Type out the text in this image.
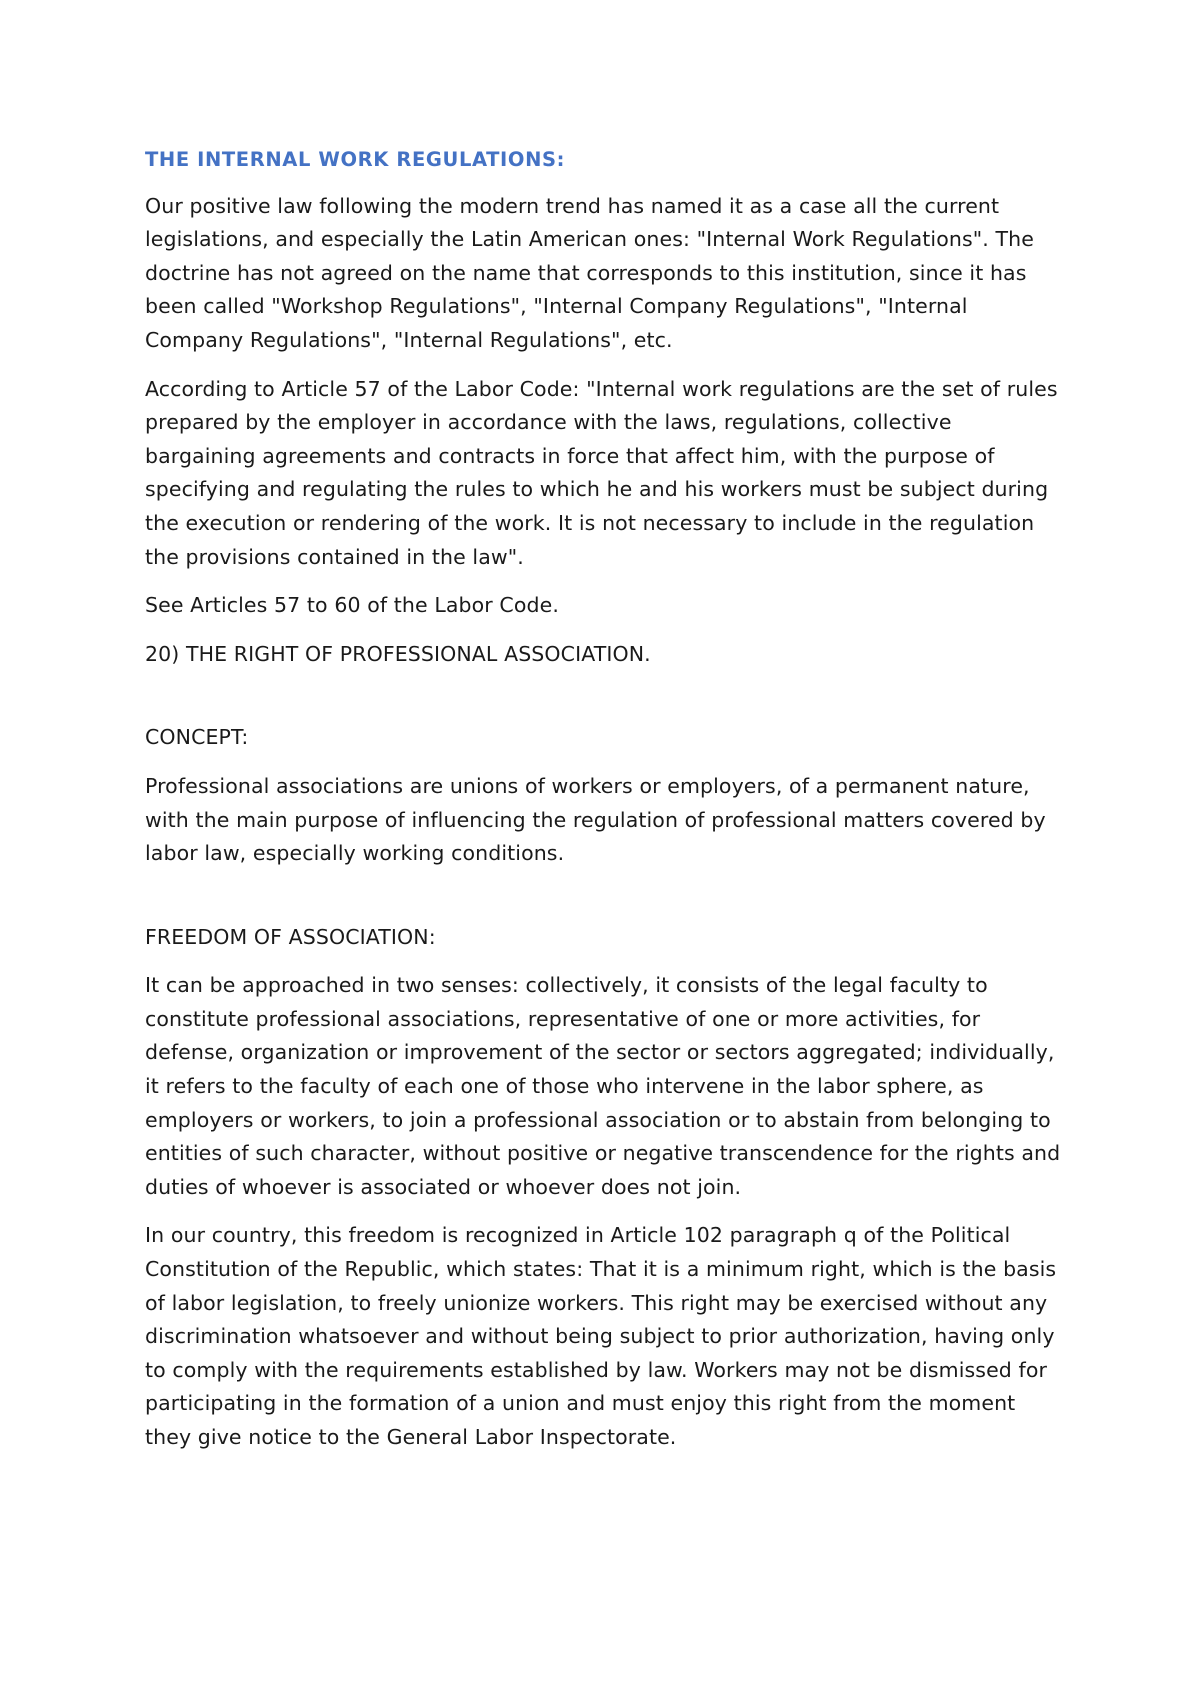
THE INTERNAL WORK REGULATIONS:

Our positive law following the modern trend has named it as a case all the current legislations, and especially the Latin American ones: "Internal Work Regulations". The doctrine has not agreed on the name that corresponds to this institution, since it has been called "Workshop Regulations", "Internal Company Regulations", "Internal Company Regulations", "Internal Regulations", etc.

According to Article 57 of the Labor Code: "Internal work regulations are the set of rules prepared by the employer in accordance with the laws, regulations, collective bargaining agreements and contracts in force that affect him, with the purpose of specifying and regulating the rules to which he and his workers must be subject during the execution or rendering of the work. It is not necessary to include in the regulation the provisions contained in the law".

See Articles 57 to 60 of the Labor Code.

20) THE RIGHT OF PROFESSIONAL ASSOCIATION.

CONCEPT:

Professional associations are unions of workers or employers, of a permanent nature, with the main purpose of influencing the regulation of professional matters covered by labor law, especially working conditions.

FREEDOM OF ASSOCIATION:

It can be approached in two senses: collectively, it consists of the legal faculty to constitute professional associations, representative of one or more activities, for defense, organization or improvement of the sector or sectors aggregated; individually, it refers to the faculty of each one of those who intervene in the labor sphere, as employers or workers, to join a professional association or to abstain from belonging to entities of such character, without positive or negative transcendence for the rights and duties of whoever is associated or whoever does not join.

In our country, this freedom is recognized in Article 102 paragraph q of the Political Constitution of the Republic, which states: That it is a minimum right, which is the basis of labor legislation, to freely unionize workers. This right may be exercised without any discrimination whatsoever and without being subject to prior authorization, having only to comply with the requirements established by law. Workers may not be dismissed for participating in the formation of a union and must enjoy this right from the moment they give notice to the General Labor Inspectorate.
